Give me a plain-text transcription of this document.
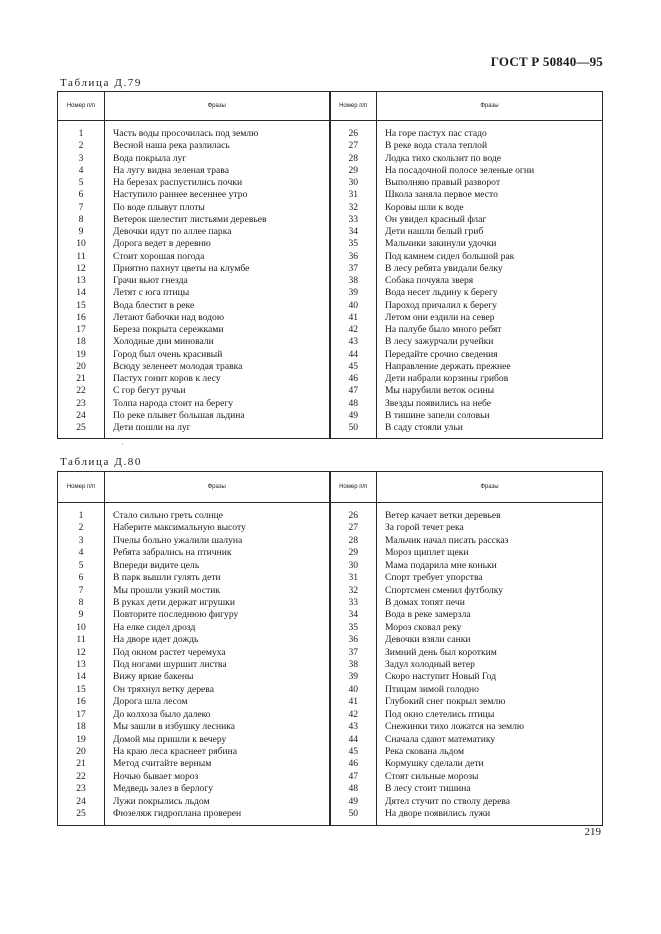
ГОСТ Р 50840—95
Таблица Д.79
Номер п/п	Фразы	Номер п/п	Фразы

1	Часть воды просочилась под землю	26	На горе пастух пас стадо
2	Весной наша река разлилась	27	В реке вода стала теплой
3	Вода покрыла луг	28	Лодка тихо скользит по воде
4	На лугу видна зеленая трава	29	На посадочной полосе зеленые огни
5	На березах распустились почки	30	Выполняю правый разворот
6	Наступило раннее весеннее утро	31	Школа заняла первое место
7	По воде плывут плоты	32	Коровы шли к воде
8	Ветерок шелестит листьями деревьев	33	Он увидел красный флаг
9	Девочки идут по аллее парка	34	Дети нашли белый гриб
10	Дорога ведет в деревню	35	Мальчики закинули удочки
11	Стоит хорошая погода	36	Под камнем сидел большой рак
12	Приятно пахнут цветы на клумбе	37	В лесу ребята увидали белку
13	Грачи вьют гнезда	38	Собака почуяла зверя
14	Летят с юга птицы	39	Вода несет льдину к берегу
15	Вода блестит в реке	40	Пароход причалил к берегу
16	Летают бабочки над водою	41	Летом они ездили на север
17	Береза покрыта сережками	42	На палубе было много ребят
18	Холодные дни миновали	43	В лесу зажурчали ручейки
19	Город был очень красивый	44	Передайте срочно сведения
20	Всюду зеленеет молодая травка	45	Направление держать прежнее
21	Пастух гонит коров к лесу	46	Дети набрали корзины грибов
22	С гор бегут ручьи	47	Мы нарубили веток осины
23	Толпа народа стоит на берегу	48	Звезды появились на небе
24	По реке плывет большая льдина	49	В тишине запели соловьи
25	Дети пошли на луг	50	В саду стояли ульи

·
Таблица Д.80
Номер п/п	Фразы	Номер п/п	Фразы

1	Стало сильно греть солнце	26	Ветер качает ветки деревьев
2	Наберите максимальную высоту	27	За горой течет река
3	Пчелы больно ужалили шалуна	28	Мальчик начал писать рассказ
4	Ребята забрались на птичник	29	Мороз щиплет щеки
5	Впереди видите цель	30	Мама подарила мне коньки
6	В парк вышли гулять дети	31	Спорт требует упорства
7	Мы прошли узкий мостик	32	Спортсмен сменил футболку
8	В руках дети держат игрушки	33	В домах топят печи
9	Повторите последнюю фигуру	34	Вода в реке замерзла
10	На елке сидел дрозд	35	Мороз сковал реку
11	На дворе идет дождь	36	Девочки взяли санки
12	Под окном растет черемуха	37	Зимний день был коротким
13	Под ногами шуршит листва	38	Задул холодный ветер
14	Вижу яркие бакены	39	Скоро наступит Новый Год
15	Он тряхнул ветку дерева	40	Птицам зимой голодно
16	Дорога шла лесом	41	Глубокий снег покрыл землю
17	До колхоза было далеко	42	Под окно слетелись птицы
18	Мы зашли в избушку лесника	43	Снежинки тихо ложатся на землю
19	Домой мы пришли к вечеру	44	Сначала сдают математику
20	На краю леса краснеет рябина	45	Река скована льдом
21	Метод считайте верным	46	Кормушку сделали дети
22	Ночью бывает мороз	47	Стоят сильные морозы
23	Медведь залез в берлогу	48	В лесу стоит тишина
24	Лужи покрылись льдом	49	Дятел стучит по стволу дерева
25	Фюзеляж гидроплана проверен	50	На дворе появились лужи

219
